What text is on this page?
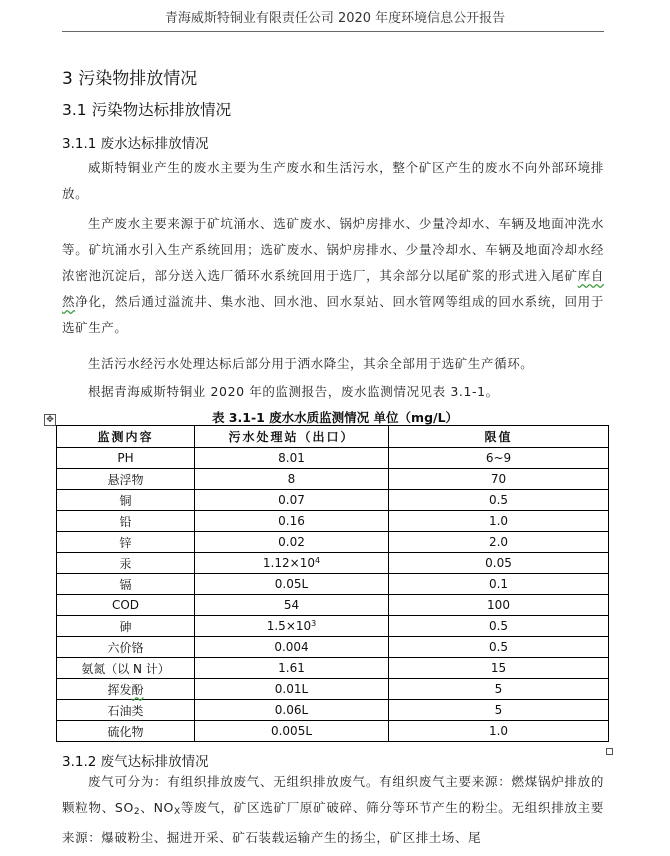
青海威斯特铜业有限责任公司 2020 年度环境信息公开报告
3 污染物排放情况
3.1 污染物达标排放情况
3.1.1 废水达标排放情况
威斯特铜业产生的废水主要为生产废水和生活污水，整个矿区产生的废水不向外部环境排放。
生产废水主要来源于矿坑涌水、选矿废水、锅炉房排水、少量冷却水、车辆及地面冲洗水等。矿坑涌水引入生产系统回用；选矿废水、锅炉房排水、少量冷却水、车辆及地面冷却水经浓密池沉淀后，部分送入选厂循环水系统回用于选厂，其余部分以尾矿浆的形式进入尾矿库自然净化，然后通过溢流井、集水池、回水池、回水泵站、回水管网等组成的回水系统，回用于选矿生产。
生活污水经污水处理达标后部分用于洒水降尘，其余全部用于选矿生产循环。
根据青海威斯特铜业 2020 年的监测报告，废水监测情况见表 3.1-1。
表 3.1-1 废水水质监测情况 单位（mg/L）
✥
监测内容	污水处理站（出口）	限值
PH	8.01	6~9
悬浮物	8	70
铜	0.07	0.5
铅	0.16	1.0
锌	0.02	2.0
汞	$1.12\times 10^4$	0.05
镉	0.05L	0.1
COD	54	100
砷	$1.5\times 10^3$	0.5
六价铬	0.004	0.5
氨氮（以 N 计）	1.61	15
挥发酚	0.01L	5
石油类	0.06L	5
硫化物	0.005L	1.0
3.1.2 废气达标排放情况
废气可分为：有组织排放废气、无组织排放废气。有组织废气主要来源：燃煤锅炉排放的颗粒物、$SO_2$、$NO_X$等废气，矿区选矿厂原矿破碎、筛分等环节产生的粉尘。无组织排放主要来源：爆破粉尘、掘进开采、矿石装载运输产生的扬尘，矿区排土场、尾
